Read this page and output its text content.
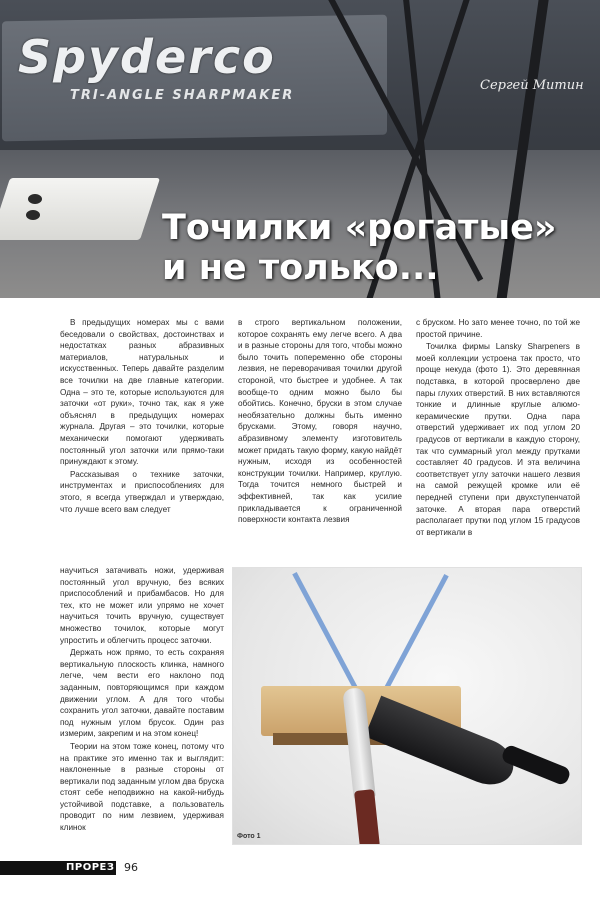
Spyderco
TRI-ANGLE SHARPMAKER
Сергей Митин
Точилки «рогатые»
и не только...

В предыдущих номерах мы с вами беседовали о свойствах, достоинствах и недостатках разных абразивных материалов, натуральных и искусственных. Теперь давайте разделим все точилки на две главные категории. Одна – это те, которые используются для заточки «от руки», точно так, как я уже объяснял в предыдущих номерах журнала. Другая – это точилки, которые механически помогают удерживать постоянный угол заточки или прямо-таки принуждают к этому.

Рассказывая о технике заточки, инструментах и приспособлениях для этого, я всегда утверждал и утверждаю, что лучше всего вам следует

в строго вертикальном положении, которое сохранять ему легче всего. А два и в разные стороны для того, чтобы можно было точить попеременно обе стороны лезвия, не переворачивая точилки другой стороной, что быстрее и удобнее. А так вообще-то одним можно было бы обойтись. Конечно, бруски в этом случае необязательно должны быть именно брусками. Этому, говоря научно, абразивному элементу изготовитель может придать такую форму, какую найдёт нужным, исходя из особенностей конструкции точилки. Например, круглую. Тогда точится немного быстрей и эффективней, так как усилие прикладывается к ограниченной поверхности контакта лезвия

с бруском. Но зато менее точно, по той же простой причине.

Точилка фирмы Lansky Sharpeners в моей коллекции устроена так просто, что проще некуда (фото 1). Это деревянная подставка, в которой просверлено две пары глухих отверстий. В них вставляются тонкие и длинные круглые алюмо-керамические прутки. Одна пара отверстий удерживает их под углом 20 градусов от вертикали в каждую сторону, так что суммарный угол между прутками составляет 40 градусов. И эта величина соответствует углу заточки нашего лезвия на самой режущей кромке или её передней ступени при двухступенчатой заточке. А вторая пара отверстий располагает прутки под углом 15 градусов от вертикали в

научиться затачивать ножи, удерживая постоянный угол вручную, без всяких приспособлений и прибамбасов. Но для тех, кто не может или упрямо не хочет научиться точить вручную, существует множество точилок, которые могут упростить и облегчить процесс заточки.

Держать нож прямо, то есть сохраняя вертикальную плоскость клинка, намного легче, чем вести его наклоно под заданным, повторяющимся при каждом движении углом. А для того чтобы сохранить угол заточки, давайте поставим под нужным углом брусок. Один раз измерим, закрепим и на этом конец!

Теории на этом тоже конец, потому что на практике это именно так и выглядит: наклоненные в разные стороны от вертикали под заданным углом два бруска стоят себе неподвижно на какой-нибудь устойчивой подставке, а пользователь проводит по ним лезвием, удерживая клинок

Фото 1
ПРОРЕЗ 96
